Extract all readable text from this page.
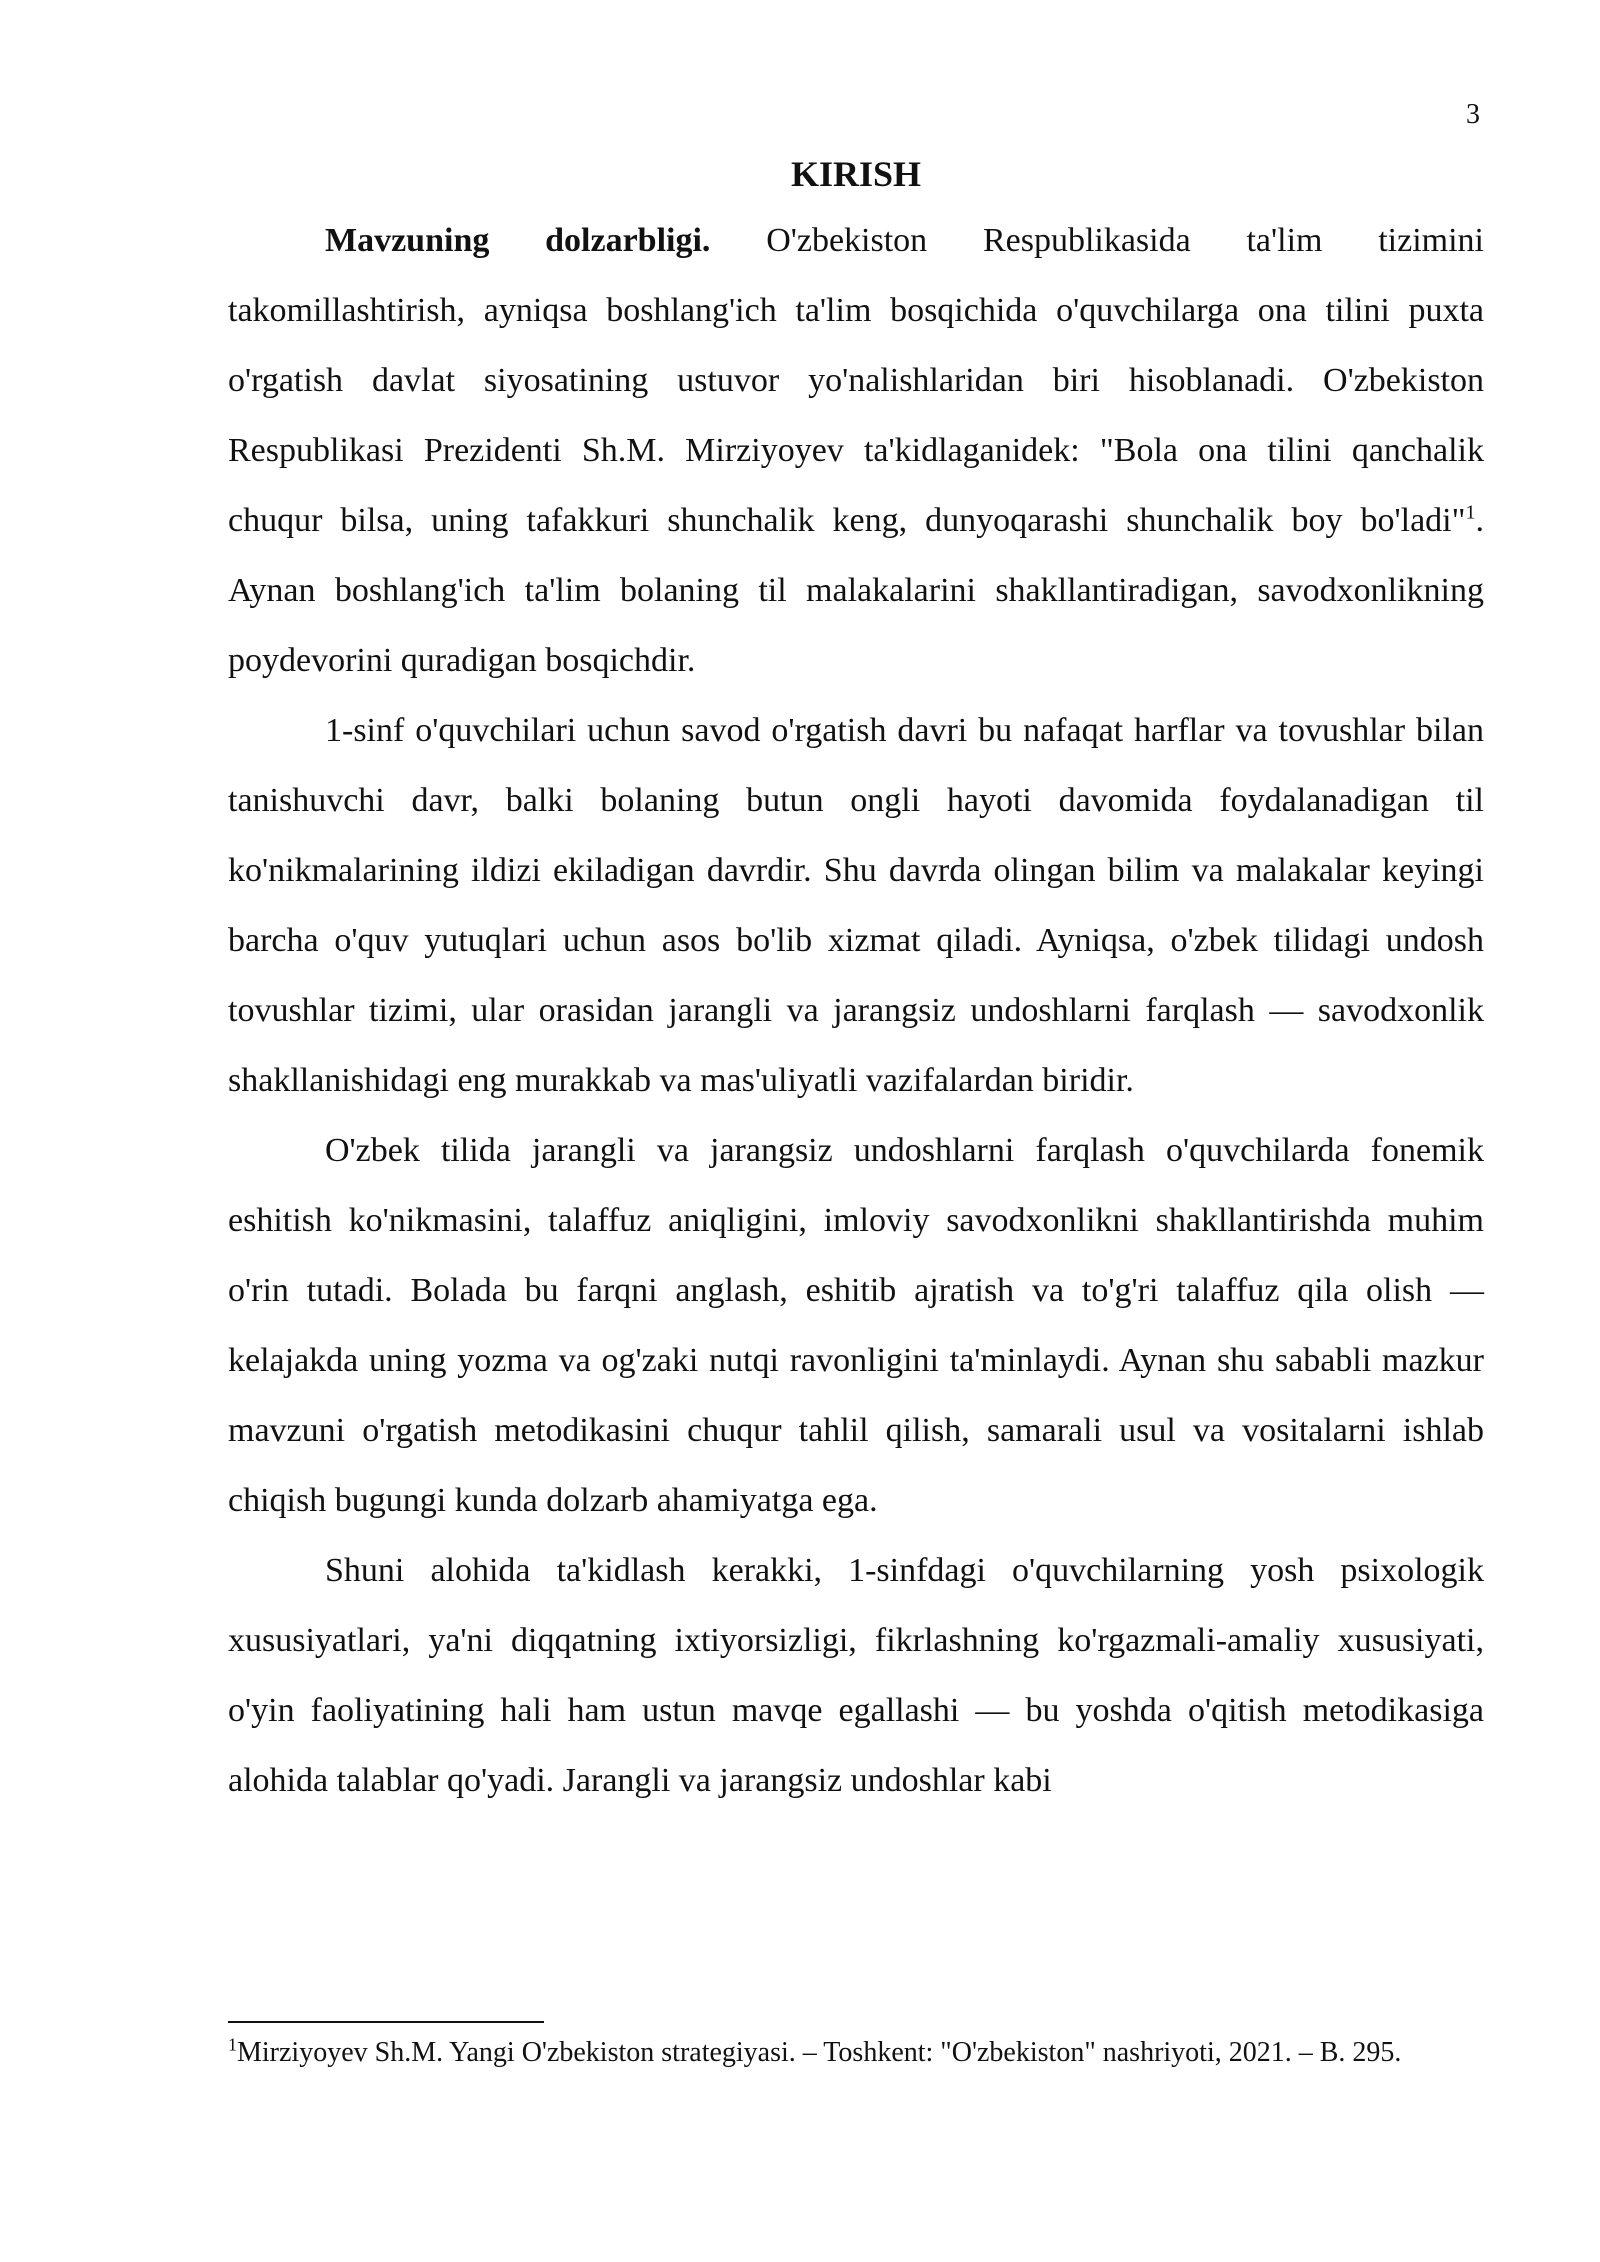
3
KIRISH

Mavzuning dolzarbligi. O'zbekiston Respublikasida ta'lim tizimini takomillashtirish, ayniqsa boshlang'ich ta'lim bosqichida o'quvchilarga ona tilini puxta o'rgatish davlat siyosatining ustuvor yo'nalishlaridan biri hisoblanadi. O'zbekiston Respublikasi Prezidenti Sh.M. Mirziyoyev ta'kidlaganidek: "Bola ona tilini qanchalik chuqur bilsa, uning tafakkuri shunchalik keng, dunyoqarashi shunchalik boy bo'ladi"$^1$. Aynan boshlang'ich ta'lim bolaning til malakalarini shakllantiradigan, savodxonlikning poydevorini quradigan bosqichdir.

1-sinf o'quvchilari uchun savod o'rgatish davri bu nafaqat harflar va tovushlar bilan tanishuvchi davr, balki bolaning butun ongli hayoti davomida foydalanadigan til ko'nikmalarining ildizi ekiladigan davrdir. Shu davrda olingan bilim va malakalar keyingi barcha o'quv yutuqlari uchun asos bo'lib xizmat qiladi. Ayniqsa, o'zbek tilidagi undosh tovushlar tizimi, ular orasidan jarangli va jarangsiz undoshlarni farqlash — savodxonlik shakllanishidagi eng murakkab va mas'uliyatli vazifalardan biridir.

O'zbek tilida jarangli va jarangsiz undoshlarni farqlash o'quvchilarda fonemik eshitish ko'nikmasini, talaffuz aniqligini, imloviy savodxonlikni shakllantirishda muhim o'rin tutadi. Bolada bu farqni anglash, eshitib ajratish va to'g'ri talaffuz qila olish — kelajakda uning yozma va og'zaki nutqi ravonligini ta'minlaydi. Aynan shu sababli mazkur mavzuni o'rgatish metodikasini chuqur tahlil qilish, samarali usul va vositalarni ishlab chiqish bugungi kunda dolzarb ahamiyatga ega.

Shuni alohida ta'kidlash kerakki, 1-sinfdagi o'quvchilarning yosh psixologik xususiyatlari, ya'ni diqqatning ixtiyorsizligi, fikrlashning ko'rgazmali-amaliy xususiyati, o'yin faoliyatining hali ham ustun mavqe egallashi — bu yoshda o'qitish metodikasiga alohida talablar qo'yadi. Jarangli va jarangsiz undoshlar kabi

$^1$Mirziyoyev Sh.M. Yangi O'zbekiston strategiyasi. – Toshkent: "O'zbekiston" nashriyoti, 2021. – B. 295.
